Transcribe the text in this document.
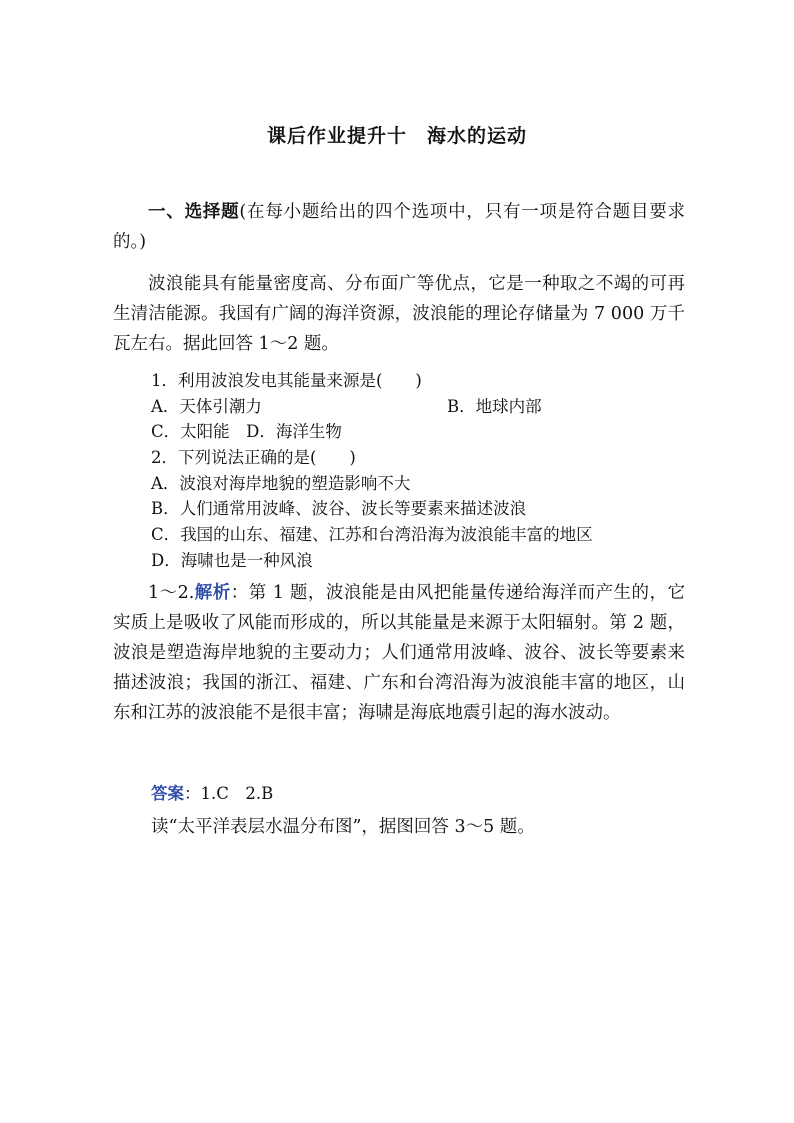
课后作业提升十　海水的运动
一、选择题(在每小题给出的四个选项中，只有一项是符合题目要求的。)
波浪能具有能量密度高、分布面广等优点，它是一种取之不竭的可再生清洁能源。我国有广阔的海洋资源，波浪能的理论存储量为 7 000 万千瓦左右。据此回答 1～2 题。
1．利用波浪发电其能量来源是(　　)
A．天体引潮力	B．地球内部
C．太阳能　D．海洋生物
2．下列说法正确的是(　　)
A．波浪对海岸地貌的塑造影响不大
B．人们通常用波峰、波谷、波长等要素来描述波浪
C．我国的山东、福建、江苏和台湾沿海为波浪能丰富的地区
D．海啸也是一种风浪
1～2.解析：第 1 题，波浪能是由风把能量传递给海洋而产生的，它实质上是吸收了风能而形成的，所以其能量是来源于太阳辐射。第 2 题，波浪是塑造海岸地貌的主要动力；人们通常用波峰、波谷、波长等要素来描述波浪；我国的浙江、福建、广东和台湾沿海为波浪能丰富的地区，山东和江苏的波浪能不是很丰富；海啸是海底地震引起的海水波动。
答案：1.C　2.B
读“太平洋表层水温分布图”，据图回答 3～5 题。
